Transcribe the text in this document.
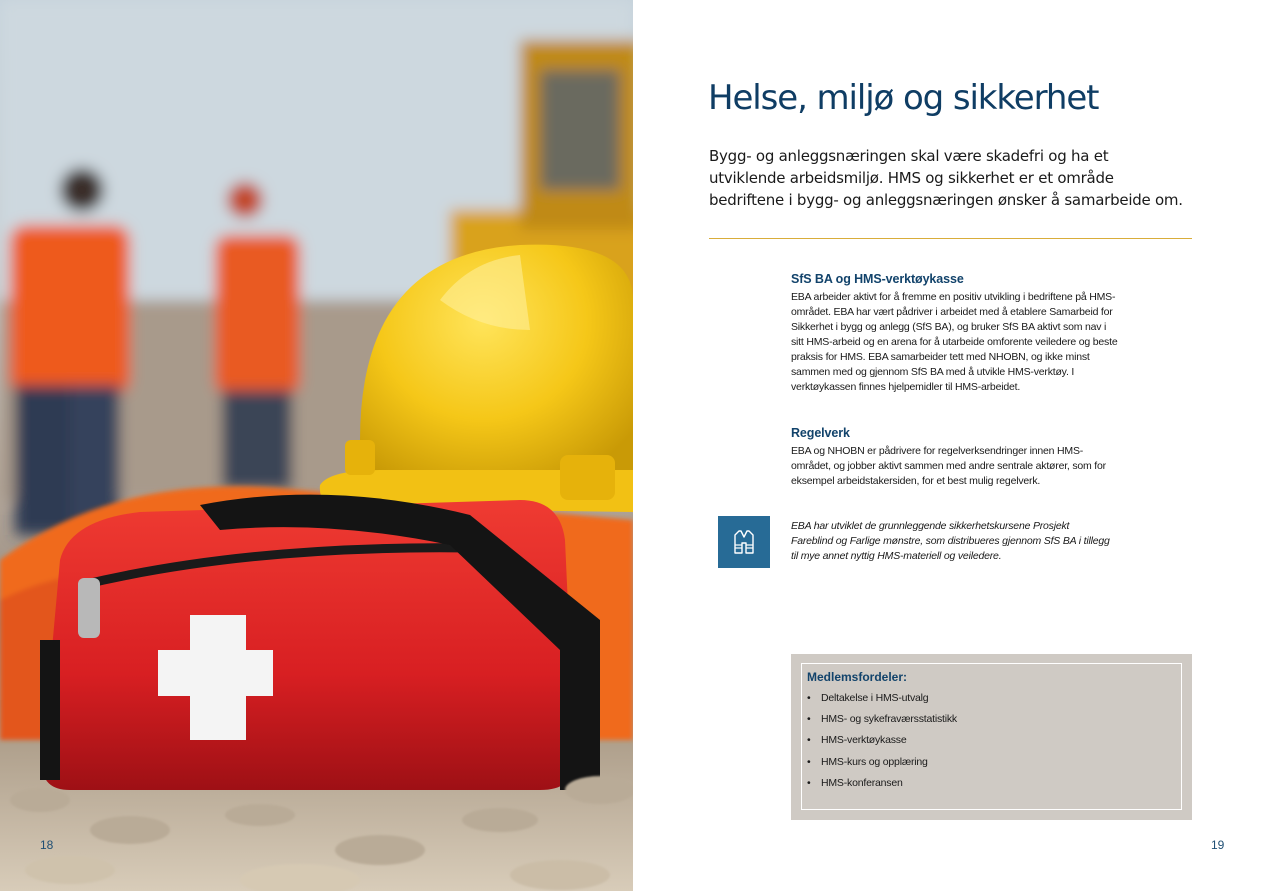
18
Helse, miljø og sikkerhet

Bygg- og anleggsnæringen skal være skadefri og ha et utviklende arbeidsmiljø. HMS og sikkerhet er et område bedriftene i bygg- og anleggsnæringen ønsker å samarbeide om.

SfS BA og HMS-verktøykasse

EBA arbeider aktivt for å fremme en positiv utvikling i bedriftene på HMS-området. EBA har vært pådriver i arbeidet med å etablere Samarbeid for Sikkerhet i bygg og anlegg (SfS BA), og bruker SfS BA aktivt som nav i sitt HMS-arbeid og en arena for å utarbeide omforente veiledere og beste praksis for HMS. EBA samarbeider tett med NHOBN, og ikke minst sammen med og gjennom SfS BA med å utvikle HMS-verktøy. I verktøykassen finnes hjelpemidler til HMS-arbeidet.

Regelverk

EBA og NHOBN er pådrivere for regelverksendringer innen HMS-området, og jobber aktivt sammen med andre sentrale aktører, som for eksempel arbeidstakersiden, for et best mulig regelverk.

EBA har utviklet de grunnleggende sikkerhetskursene Prosjekt Fareblind og Farlige mønstre, som distribueres gjennom SfS BA i tillegg til mye annet nyttig HMS-materiell og veiledere.

Medlemsfordeler:
• Deltakelse i HMS-utvalg
• HMS- og sykefraværsstatistikk
• HMS-verktøykasse
• HMS-kurs og opplæring
• HMS-konferansen
19
